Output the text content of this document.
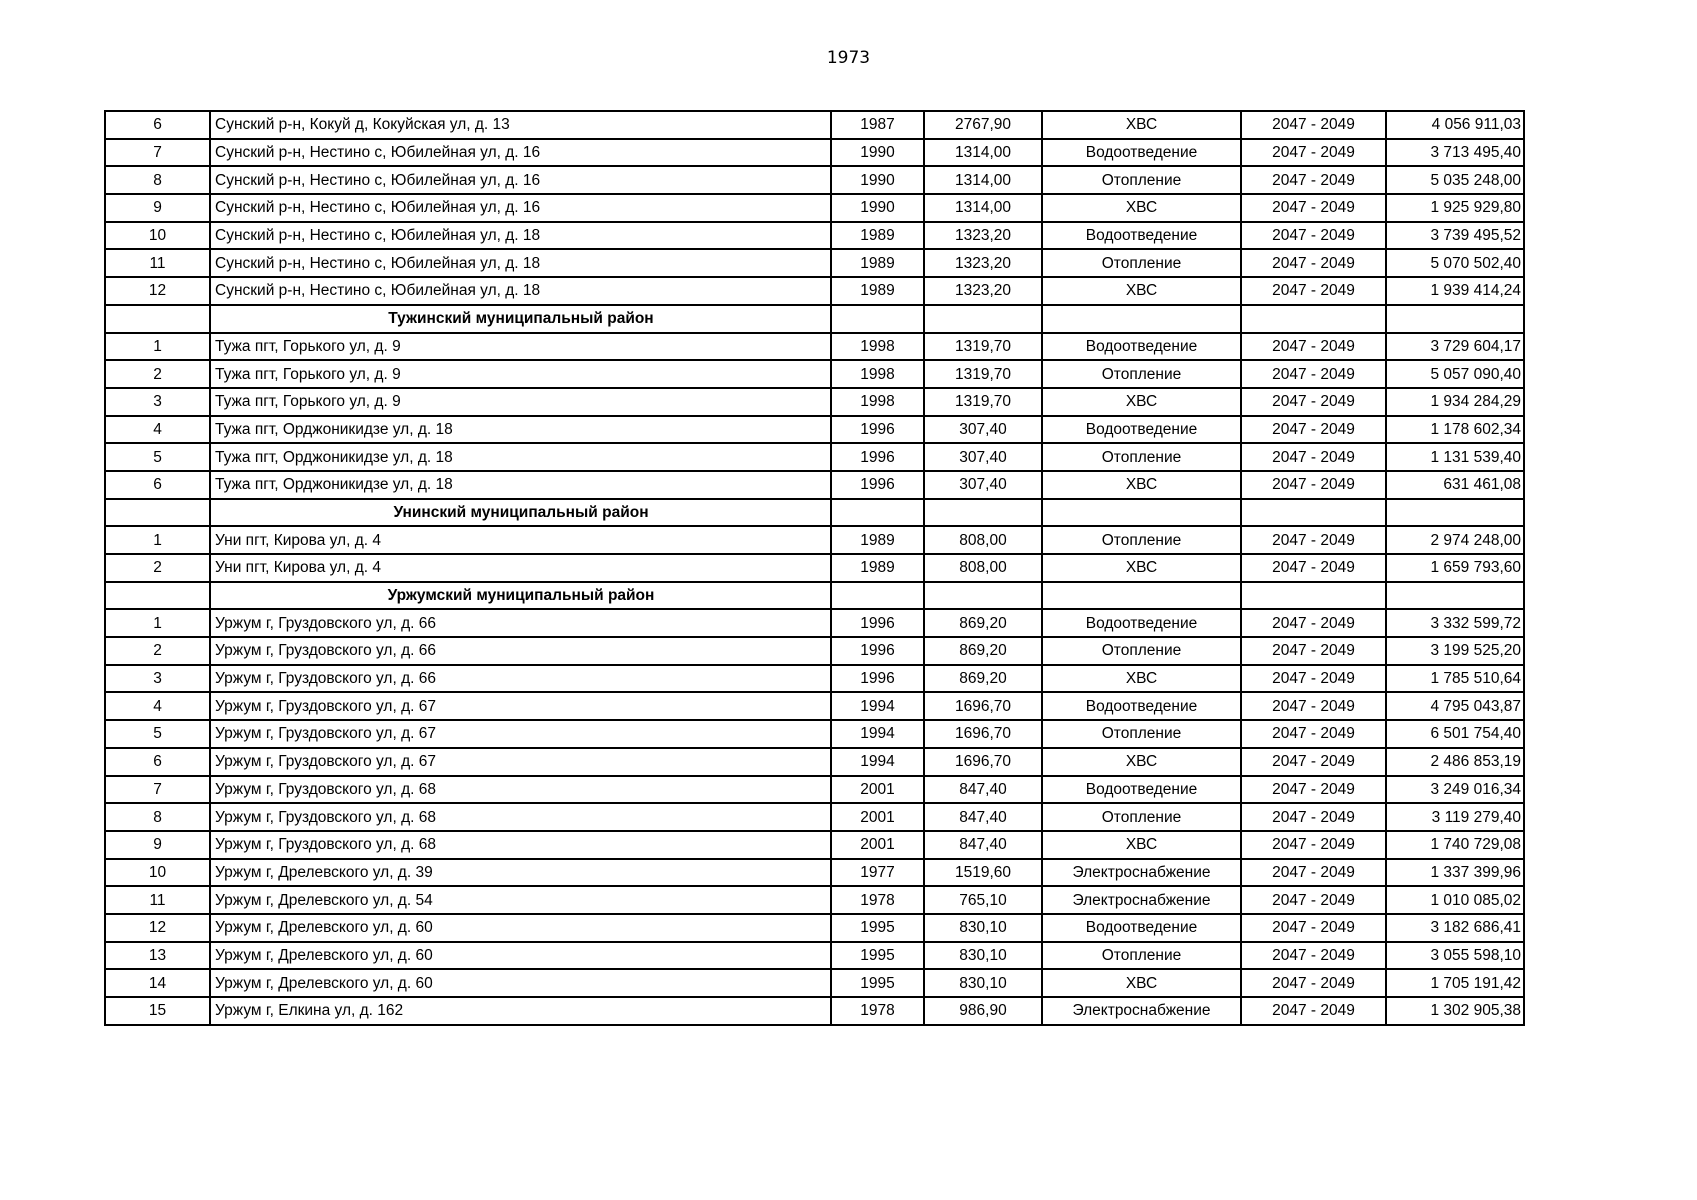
1973
6	Сунский р-н, Кокуй д, Кокуйская ул, д. 13	1987	2767,90	ХВС	2047 - 2049	4 056 911,03
7	Сунский р-н, Нестино с, Юбилейная ул, д. 16	1990	1314,00	Водоотведение	2047 - 2049	3 713 495,40
8	Сунский р-н, Нестино с, Юбилейная ул, д. 16	1990	1314,00	Отопление	2047 - 2049	5 035 248,00
9	Сунский р-н, Нестино с, Юбилейная ул, д. 16	1990	1314,00	ХВС	2047 - 2049	1 925 929,80
10	Сунский р-н, Нестино с, Юбилейная ул, д. 18	1989	1323,20	Водоотведение	2047 - 2049	3 739 495,52
11	Сунский р-н, Нестино с, Юбилейная ул, д. 18	1989	1323,20	Отопление	2047 - 2049	5 070 502,40
12	Сунский р-н, Нестино с, Юбилейная ул, д. 18	1989	1323,20	ХВС	2047 - 2049	1 939 414,24
	Тужинский муниципальный район					
1	Тужа пгт, Горького ул, д. 9	1998	1319,70	Водоотведение	2047 - 2049	3 729 604,17
2	Тужа пгт, Горького ул, д. 9	1998	1319,70	Отопление	2047 - 2049	5 057 090,40
3	Тужа пгт, Горького ул, д. 9	1998	1319,70	ХВС	2047 - 2049	1 934 284,29
4	Тужа пгт, Орджоникидзе ул, д. 18	1996	307,40	Водоотведение	2047 - 2049	1 178 602,34
5	Тужа пгт, Орджоникидзе ул, д. 18	1996	307,40	Отопление	2047 - 2049	1 131 539,40
6	Тужа пгт, Орджоникидзе ул, д. 18	1996	307,40	ХВС	2047 - 2049	631 461,08
	Унинский муниципальный район					
1	Уни пгт, Кирова ул, д. 4	1989	808,00	Отопление	2047 - 2049	2 974 248,00
2	Уни пгт, Кирова ул, д. 4	1989	808,00	ХВС	2047 - 2049	1 659 793,60
	Уржумский муниципальный район					
1	Уржум г, Груздовского ул, д. 66	1996	869,20	Водоотведение	2047 - 2049	3 332 599,72
2	Уржум г, Груздовского ул, д. 66	1996	869,20	Отопление	2047 - 2049	3 199 525,20
3	Уржум г, Груздовского ул, д. 66	1996	869,20	ХВС	2047 - 2049	1 785 510,64
4	Уржум г, Груздовского ул, д. 67	1994	1696,70	Водоотведение	2047 - 2049	4 795 043,87
5	Уржум г, Груздовского ул, д. 67	1994	1696,70	Отопление	2047 - 2049	6 501 754,40
6	Уржум г, Груздовского ул, д. 67	1994	1696,70	ХВС	2047 - 2049	2 486 853,19
7	Уржум г, Груздовского ул, д. 68	2001	847,40	Водоотведение	2047 - 2049	3 249 016,34
8	Уржум г, Груздовского ул, д. 68	2001	847,40	Отопление	2047 - 2049	3 119 279,40
9	Уржум г, Груздовского ул, д. 68	2001	847,40	ХВС	2047 - 2049	1 740 729,08
10	Уржум г, Дрелевского ул, д. 39	1977	1519,60	Электроснабжение	2047 - 2049	1 337 399,96
11	Уржум г, Дрелевского ул, д. 54	1978	765,10	Электроснабжение	2047 - 2049	1 010 085,02
12	Уржум г, Дрелевского ул, д. 60	1995	830,10	Водоотведение	2047 - 2049	3 182 686,41
13	Уржум г, Дрелевского ул, д. 60	1995	830,10	Отопление	2047 - 2049	3 055 598,10
14	Уржум г, Дрелевского ул, д. 60	1995	830,10	ХВС	2047 - 2049	1 705 191,42
15	Уржум г, Елкина ул, д. 162	1978	986,90	Электроснабжение	2047 - 2049	1 302 905,38
